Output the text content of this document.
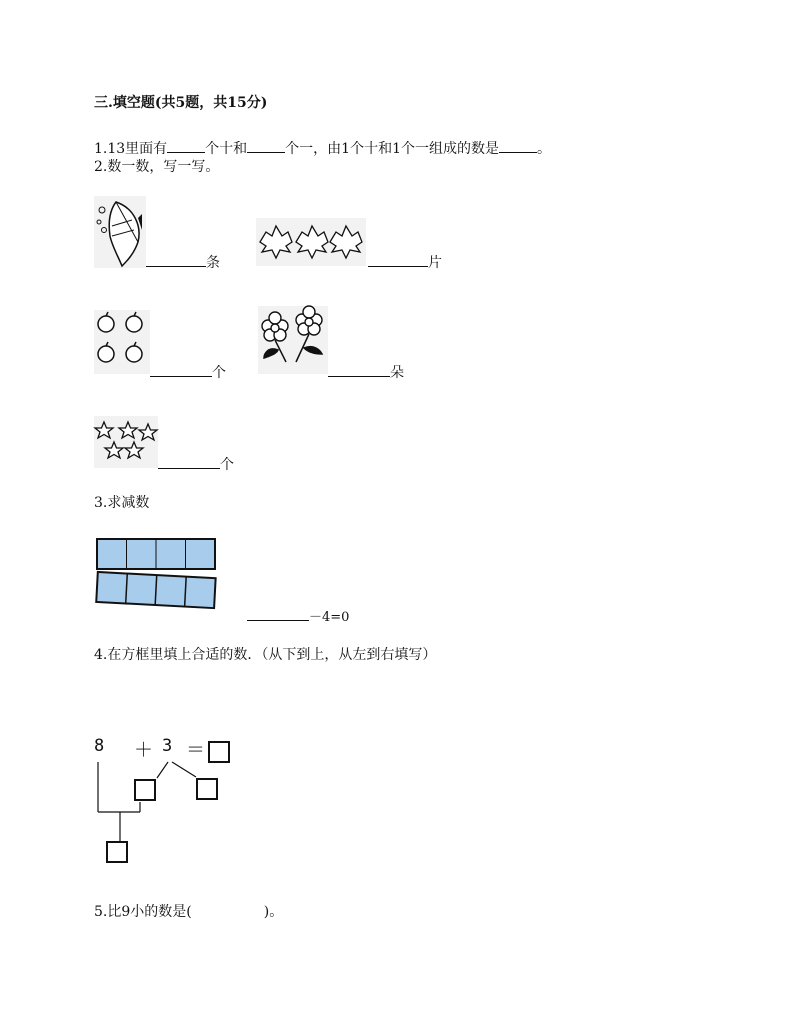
三.填空题(共5题，共15分)
1.13里面有	个十和	个一，由1个十和1个一组成的数是	。
2.数一数，写一写。
条	片
个	朵
个
3.求减数
－4=0
4.在方框里填上合适的数．（从下到上，从左到右填写）
8 ＋ 3 ＝
5.比9小的数是(	)。
